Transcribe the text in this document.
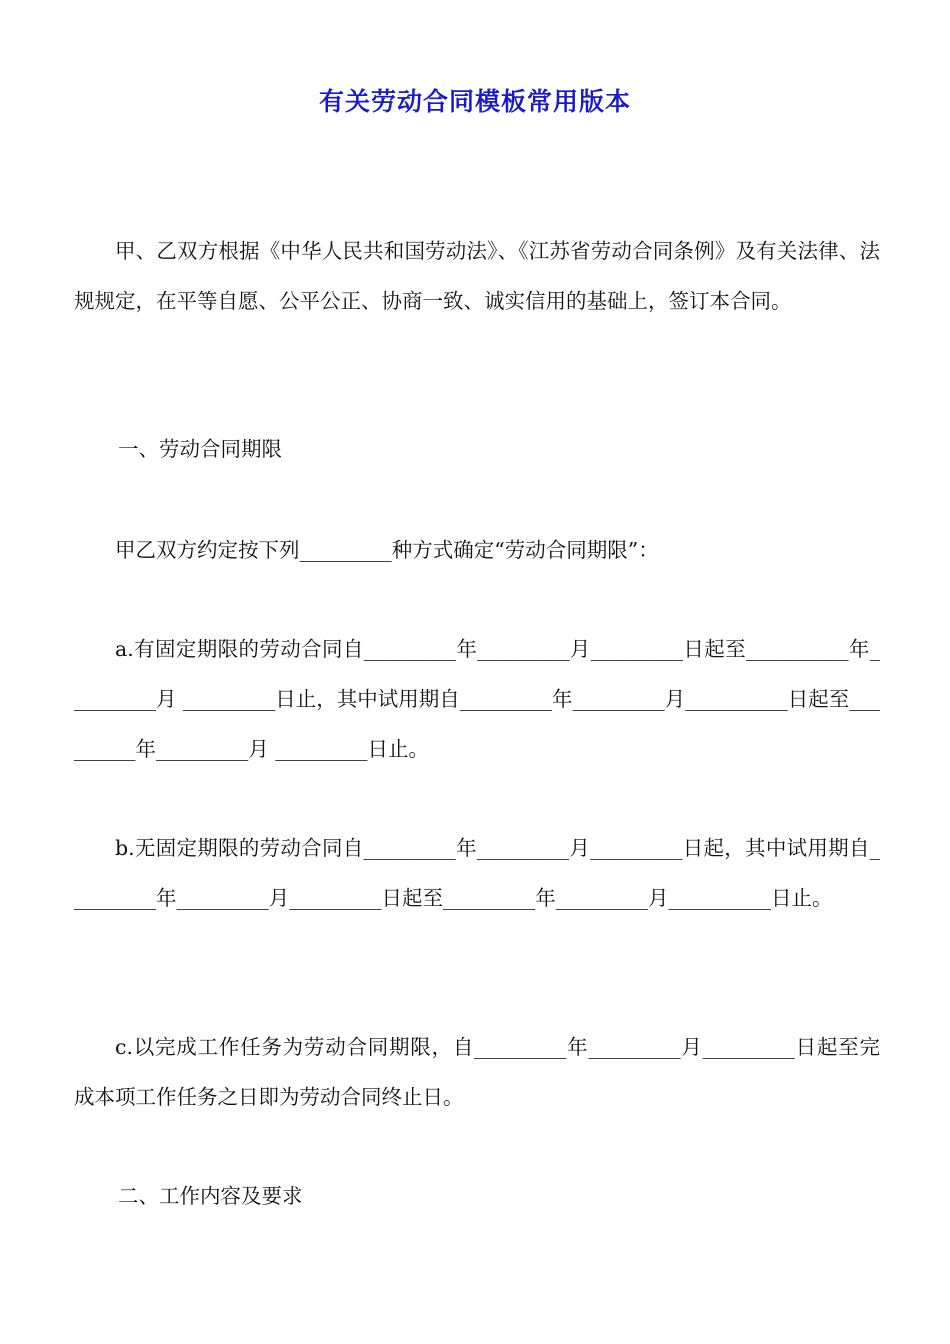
有关劳动合同模板常用版本

甲、乙双方根据《中华人民共和国劳动法》、《江苏省劳动合同条例》及有关法律、法规规定，在平等自愿、公平公正、协商一致、诚实信用的基础上，签订本合同。

一、劳动合同期限

甲乙双方约定按下列_________种方式确定“劳动合同期限”：

a.有固定期限的劳动合同自_________年_________月_________日起至__________年_________月 _________日止，其中试用期自_________年_________月__________日起至_________年_________月 _________日止。

b.无固定期限的劳动合同自_________年_________月_________日起，其中试用期自_________年_________月_________日起至_________年_________月__________日止。

c.以完成工作任务为劳动合同期限，自_________年_________月_________日起至完成本项工作任务之日即为劳动合同终止日。

二、工作内容及要求
